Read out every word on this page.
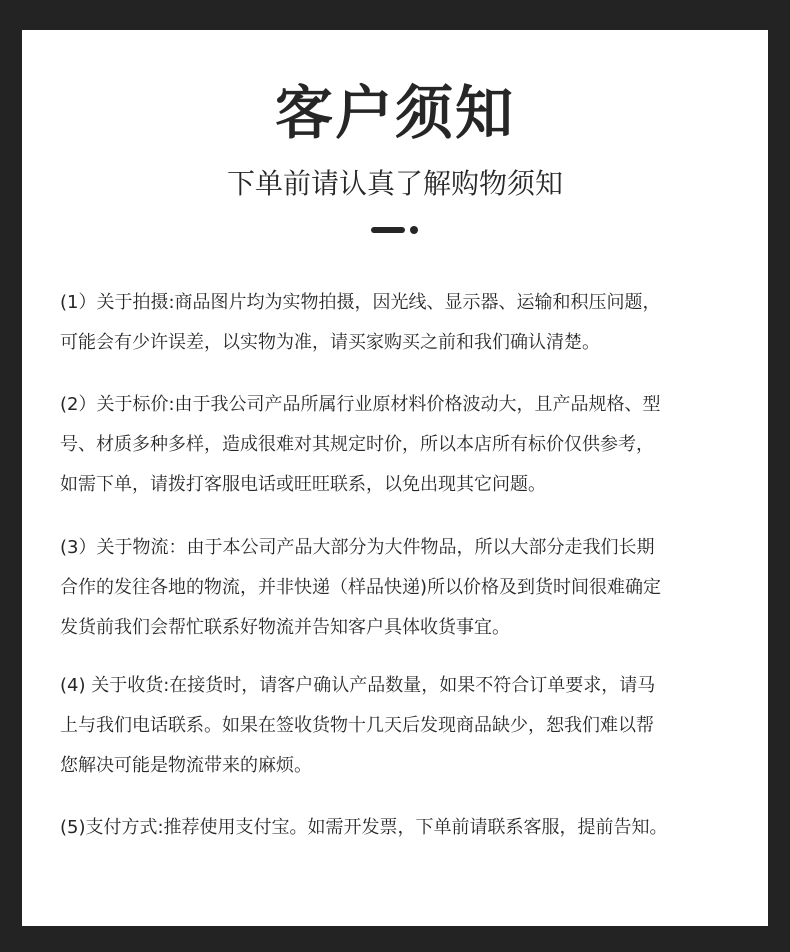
客户须知
下单前请认真了解购物须知
(1）关于拍摄:商品图片均为实物拍摄，因光线、显示器、运输和积压问题，
可能会有少许误差，以实物为准，请买家购买之前和我们确认清楚。
(2）关于标价:由于我公司产品所属行业原材料价格波动大，且产品规格、型
号、材质多种多样，造成很难对其规定时价，所以本店所有标价仅供参考，
如需下单，请拨打客服电话或旺旺联系，以免出现其它问题。
(3）关于物流：由于本公司产品大部分为大件物品，所以大部分走我们长期
合作的发往各地的物流，并非快递（样品快递)所以价格及到货时间很难确定
发货前我们会帮忙联系好物流并告知客户具体收货事宜。
(4) 关于收货:在接货时，请客户确认产品数量，如果不符合订单要求，请马
上与我们电话联系。如果在签收货物十几天后发现商品缺少，恕我们难以帮
您解决可能是物流带来的麻烦。
(5)支付方式:推荐使用支付宝。如需开发票，下单前请联系客服，提前告知。
